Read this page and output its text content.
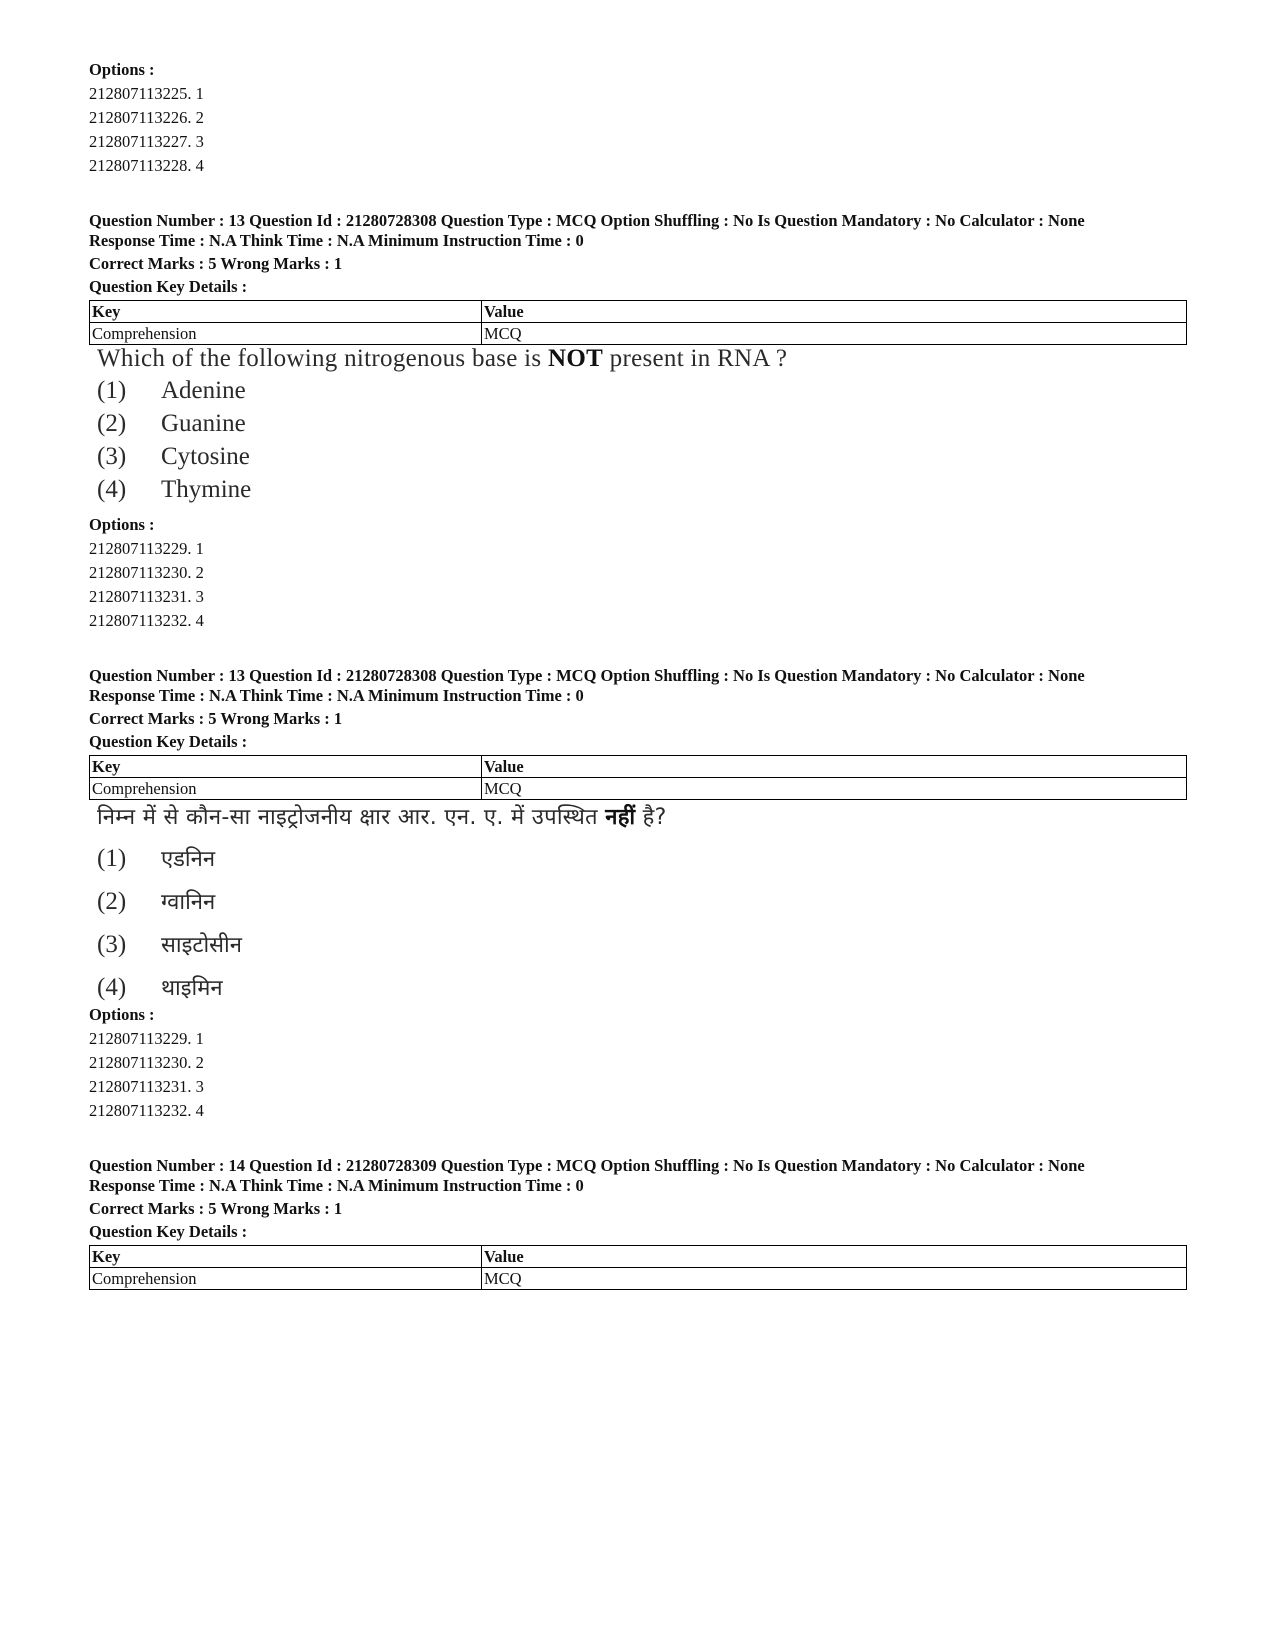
Options :
212807113225. 1
212807113226. 2
212807113227. 3
212807113228. 4
Question Number : 13 Question Id : 21280728308 Question Type : MCQ Option Shuffling : No Is Question Mandatory : No Calculator : None
Response Time : N.A Think Time : N.A Minimum Instruction Time : 0
Correct Marks : 5 Wrong Marks : 1
Question Key Details :
Key	Value
Comprehension	MCQ
Which of the following nitrogenous base is NOT present in RNA ?
(1) Adenine
(2) Guanine
(3) Cytosine
(4) Thymine
Options :
212807113229. 1
212807113230. 2
212807113231. 3
212807113232. 4
Question Number : 13 Question Id : 21280728308 Question Type : MCQ Option Shuffling : No Is Question Mandatory : No Calculator : None
Response Time : N.A Think Time : N.A Minimum Instruction Time : 0
Correct Marks : 5 Wrong Marks : 1
Question Key Details :
Key	Value
Comprehension	MCQ
निम्न में से कौन-सा नाइट्रोजनीय क्षार आर. एन. ए. में उपस्थित नहीं है?
(1) एडनिन
(2) ग्वानिन
(3) साइटोसीन
(4) थाइमिन
Options :
212807113229. 1
212807113230. 2
212807113231. 3
212807113232. 4
Question Number : 14 Question Id : 21280728309 Question Type : MCQ Option Shuffling : No Is Question Mandatory : No Calculator : None
Response Time : N.A Think Time : N.A Minimum Instruction Time : 0
Correct Marks : 5 Wrong Marks : 1
Question Key Details :
Key	Value
Comprehension	MCQ
